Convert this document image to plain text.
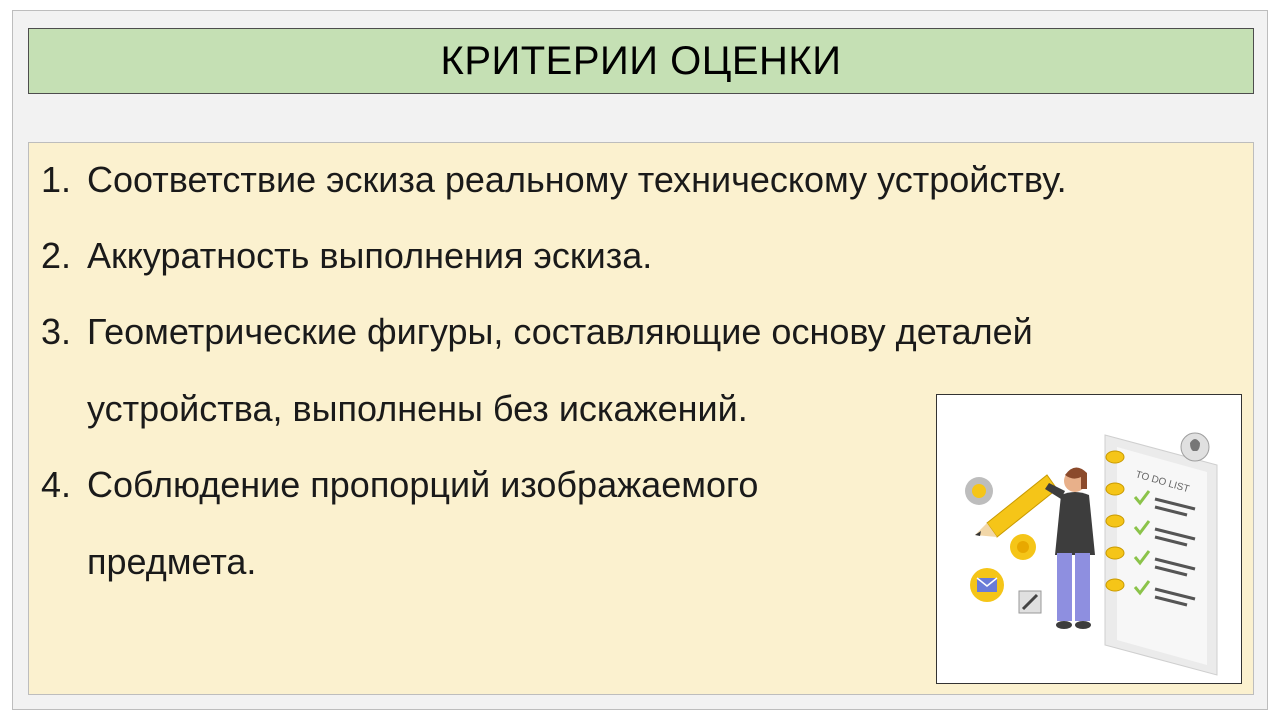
КРИТЕРИИ ОЦЕНКИ
1. Соответствие эскиза реальному техническому устройству.
2. Аккуратность выполнения эскиза.
3. Геометрические фигуры, составляющие основу деталей
устройства, выполнены без искажений.
4. Соблюдение пропорций изображаемого
предмета.
TO DO LIST
